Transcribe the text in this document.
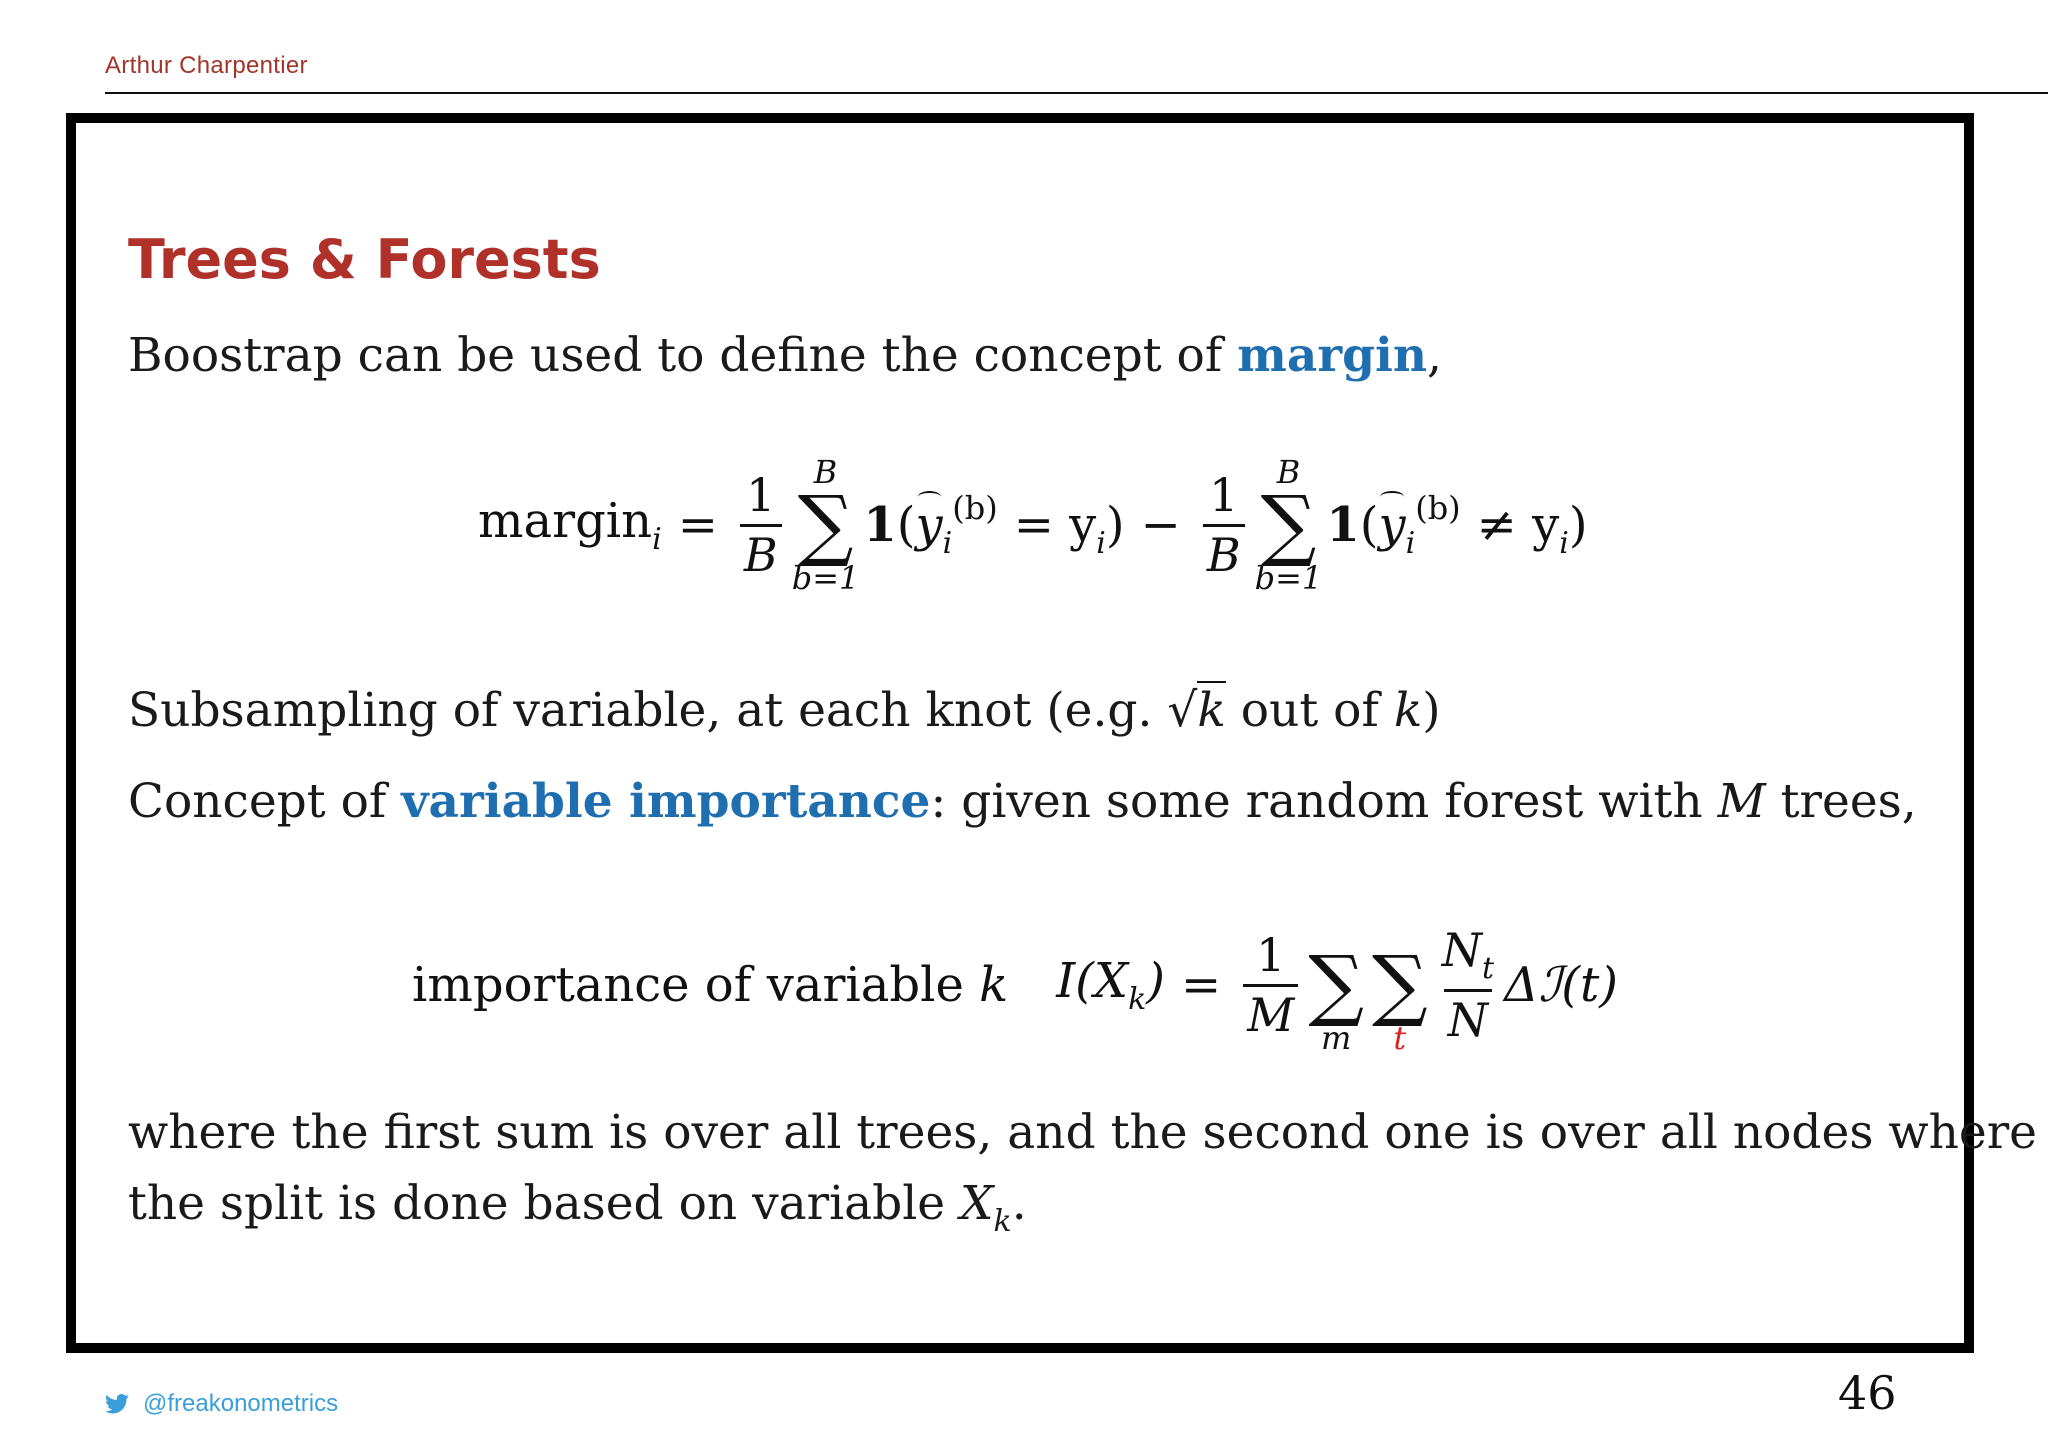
Arthur Charpentier
Trees & Forests
Boostrap can be used to define the concept of margin,
margin$_i$ = $\frac{1}{B}$ B
∑
b=1
$1(y_i^{(b)} = y_i) - \frac{1}{B}$ B
∑
b=1
$1(y_i^{(b)} \ne y_i)$
Subsampling of variable, at each knot (e.g. √k out of k)
Concept of variable importance: given some random forest with M trees,
importance of variable k $I(X_k) = \frac{1}{M}$
∑
m

∑
t $\frac{N_t}{N}$ Δℐ(t)
where the first sum is over all trees, and the second one is over all nodes where
the split is done based on variable $X_k$.
@freakonometrics	46
